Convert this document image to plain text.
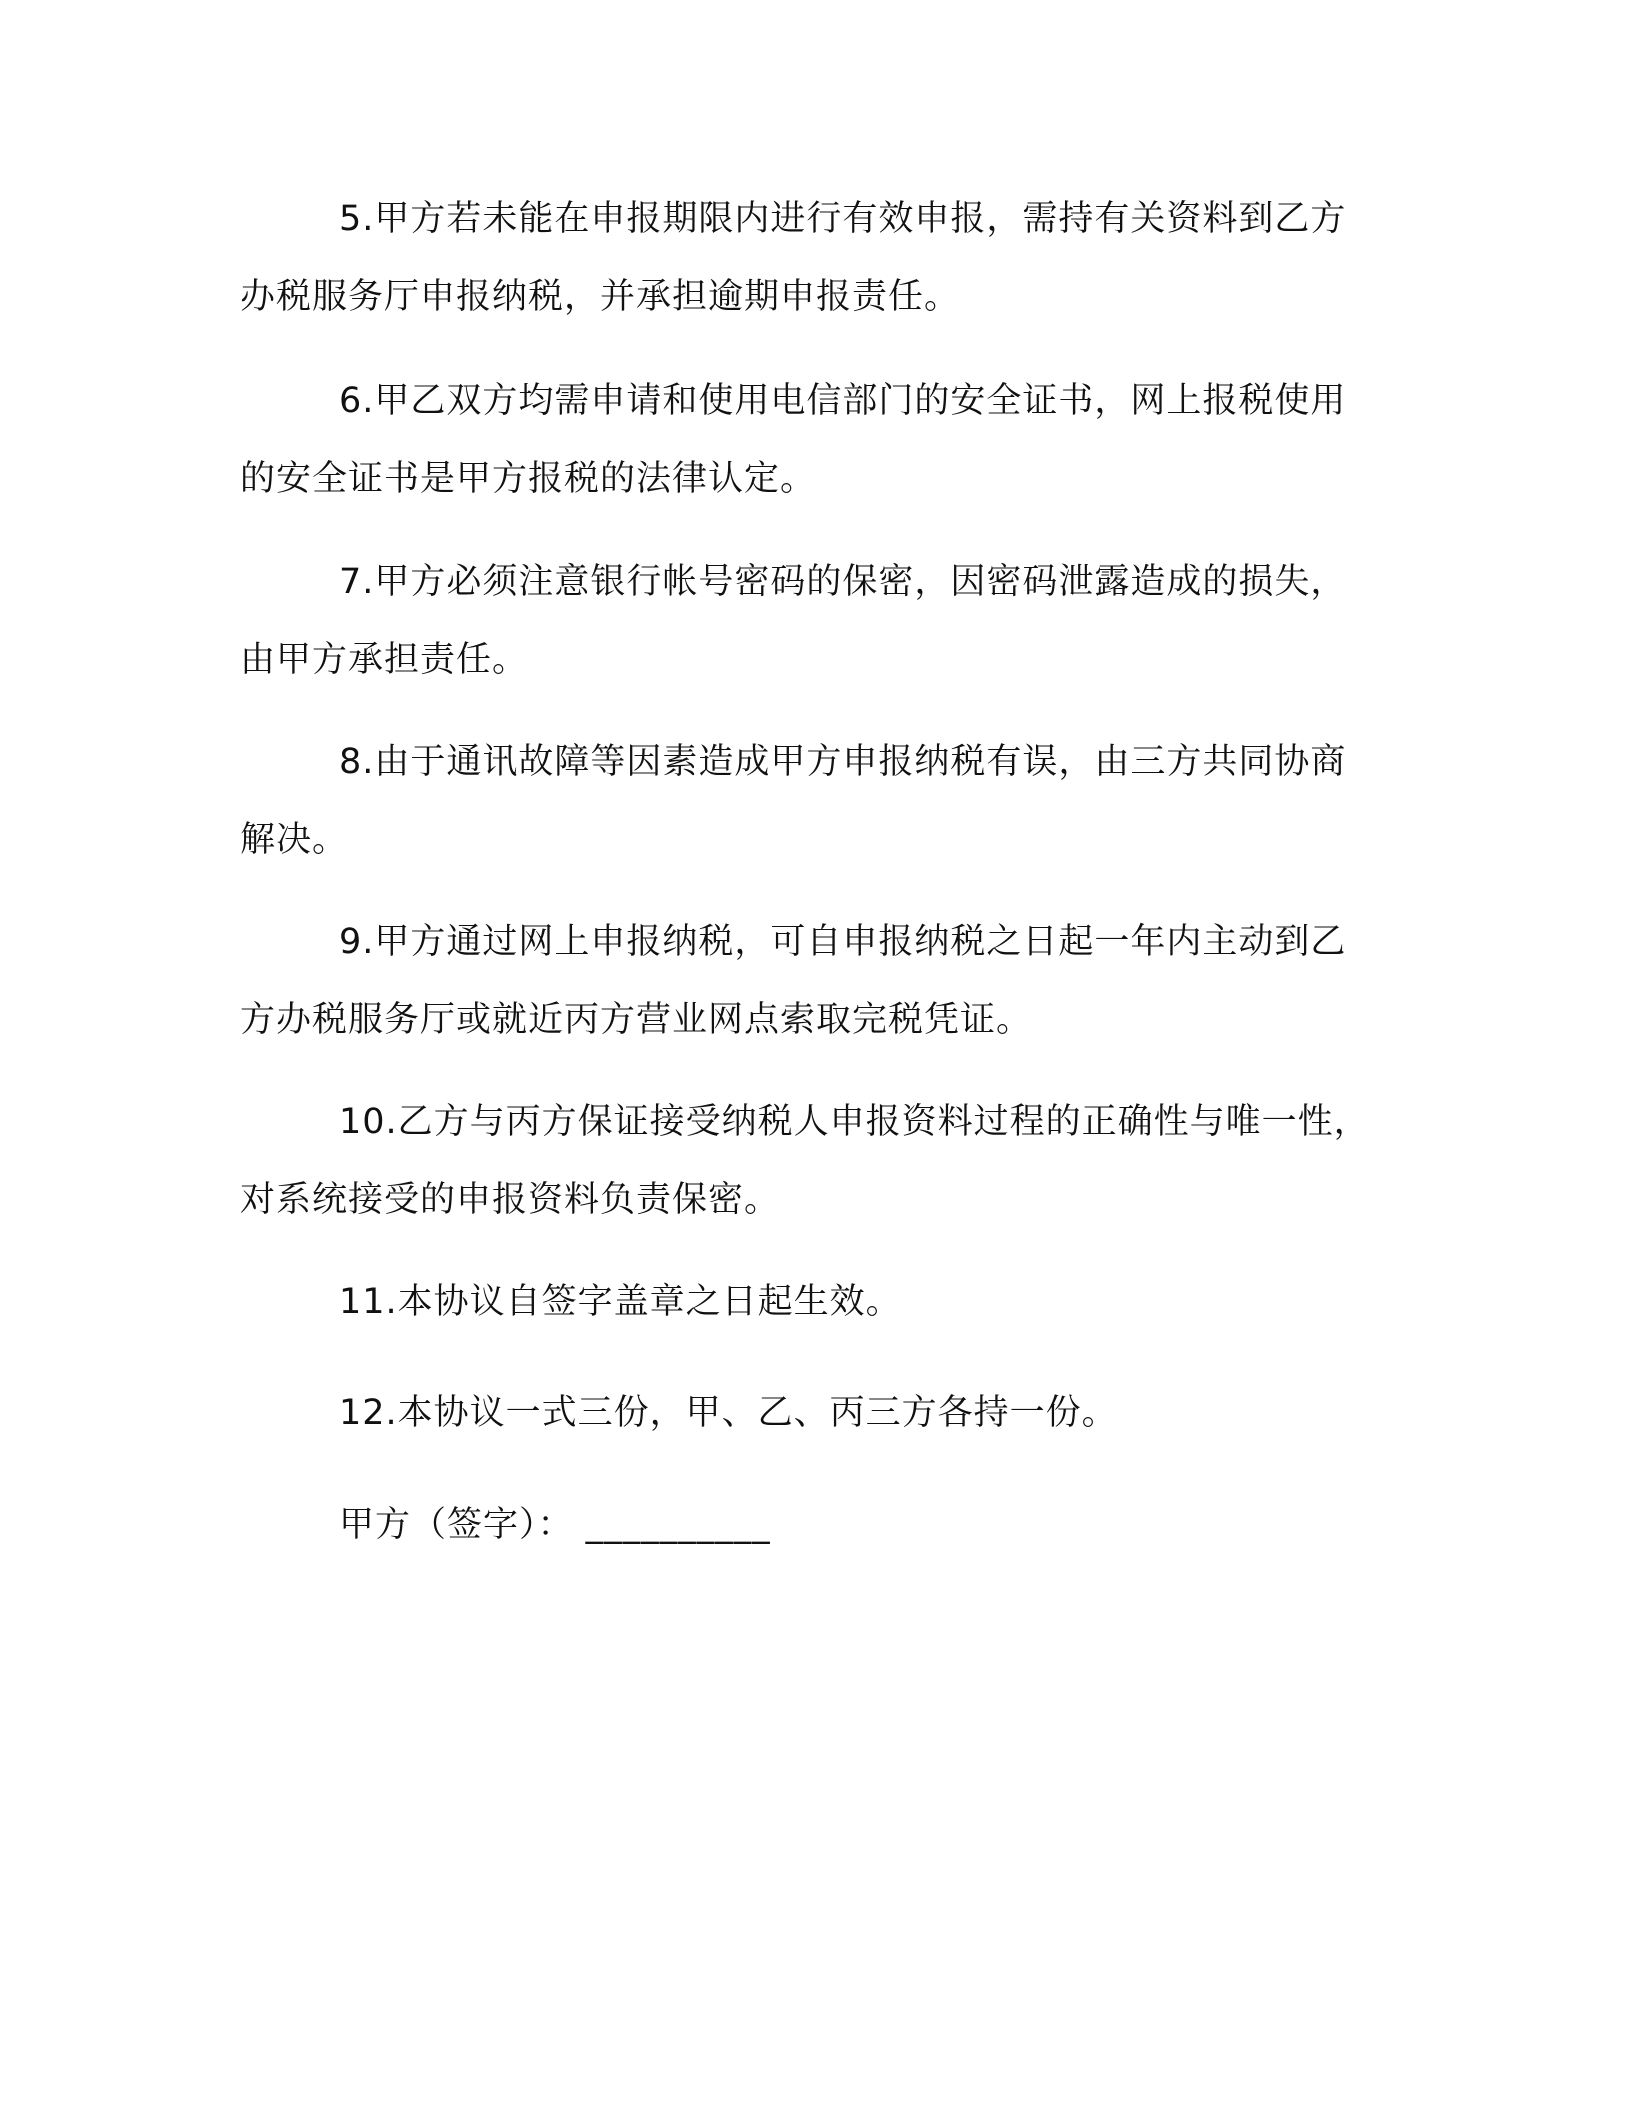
5.甲方若未能在申报期限内进行有效申报，需持有关资料到乙方办税服务厅申报纳税，并承担逾期申报责任。

6.甲乙双方均需申请和使用电信部门的安全证书，网上报税使用的安全证书是甲方报税的法律认定。

7.甲方必须注意银行帐号密码的保密，因密码泄露造成的损失，由甲方承担责任。

8.由于通讯故障等因素造成甲方申报纳税有误，由三方共同协商解决。

9.甲方通过网上申报纳税，可自申报纳税之日起一年内主动到乙方办税服务厅或就近丙方营业网点索取完税凭证。

10.乙方与丙方保证接受纳税人申报资料过程的正确性与唯一性，对系统接受的申报资料负责保密。

11.本协议自签字盖章之日起生效。

12.本协议一式三份，甲、乙、丙三方各持一份。

甲方（签字）： __________
